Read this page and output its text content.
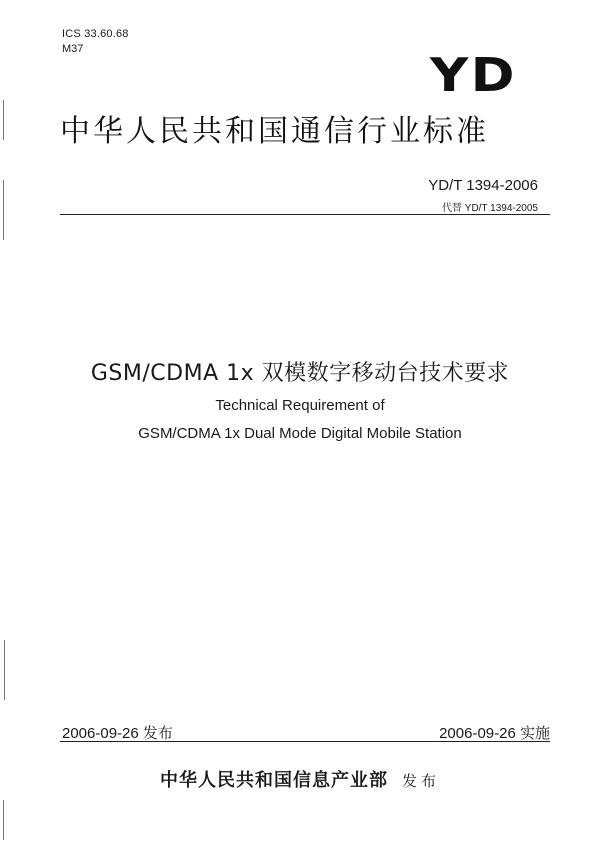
ICS 33.60.68
M37	YD
中华人民共和国通信行业标准
YD/T 1394-2006
代替 YD/T 1394-2005
GSM/CDMA 1x 双模数字移动台技术要求
Technical Requirement of
GSM/CDMA 1x Dual Mode Digital Mobile Station
2006-09-26 发布	2006-09-26 实施
中华人民共和国信息产业部 发布
